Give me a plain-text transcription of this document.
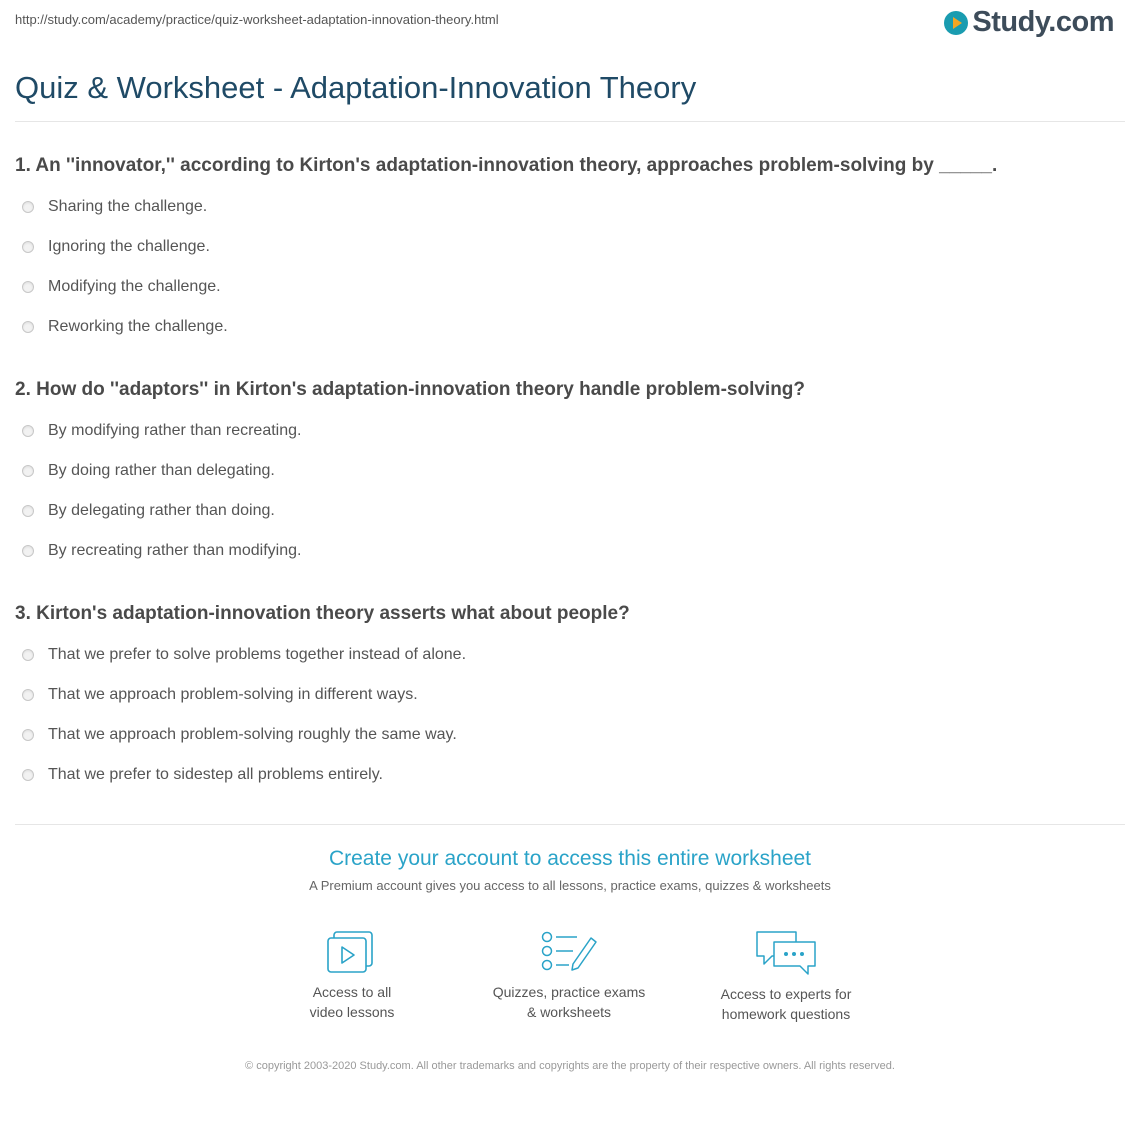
http://study.com/academy/practice/quiz-worksheet-adaptation-innovation-theory.html	Study.com
Quiz & Worksheet - Adaptation-Innovation Theory
1. An ''innovator,'' according to Kirton's adaptation-innovation theory, approaches problem-solving by _____.
Sharing the challenge.
Ignoring the challenge.
Modifying the challenge.
Reworking the challenge.
2. How do ''adaptors'' in Kirton's adaptation-innovation theory handle problem-solving?
By modifying rather than recreating.
By doing rather than delegating.
By delegating rather than doing.
By recreating rather than modifying.
3. Kirton's adaptation-innovation theory asserts what about people?
That we prefer to solve problems together instead of alone.
That we approach problem-solving in different ways.
That we approach problem-solving roughly the same way.
That we prefer to sidestep all problems entirely.
Create your account to access this entire worksheet
A Premium account gives you access to all lessons, practice exams, quizzes & worksheets
Access to all
video lessons
Quizzes, practice exams
& worksheets
Access to experts for
homework questions
© copyright 2003-2020 Study.com. All other trademarks and copyrights are the property of their respective owners. All rights reserved.
